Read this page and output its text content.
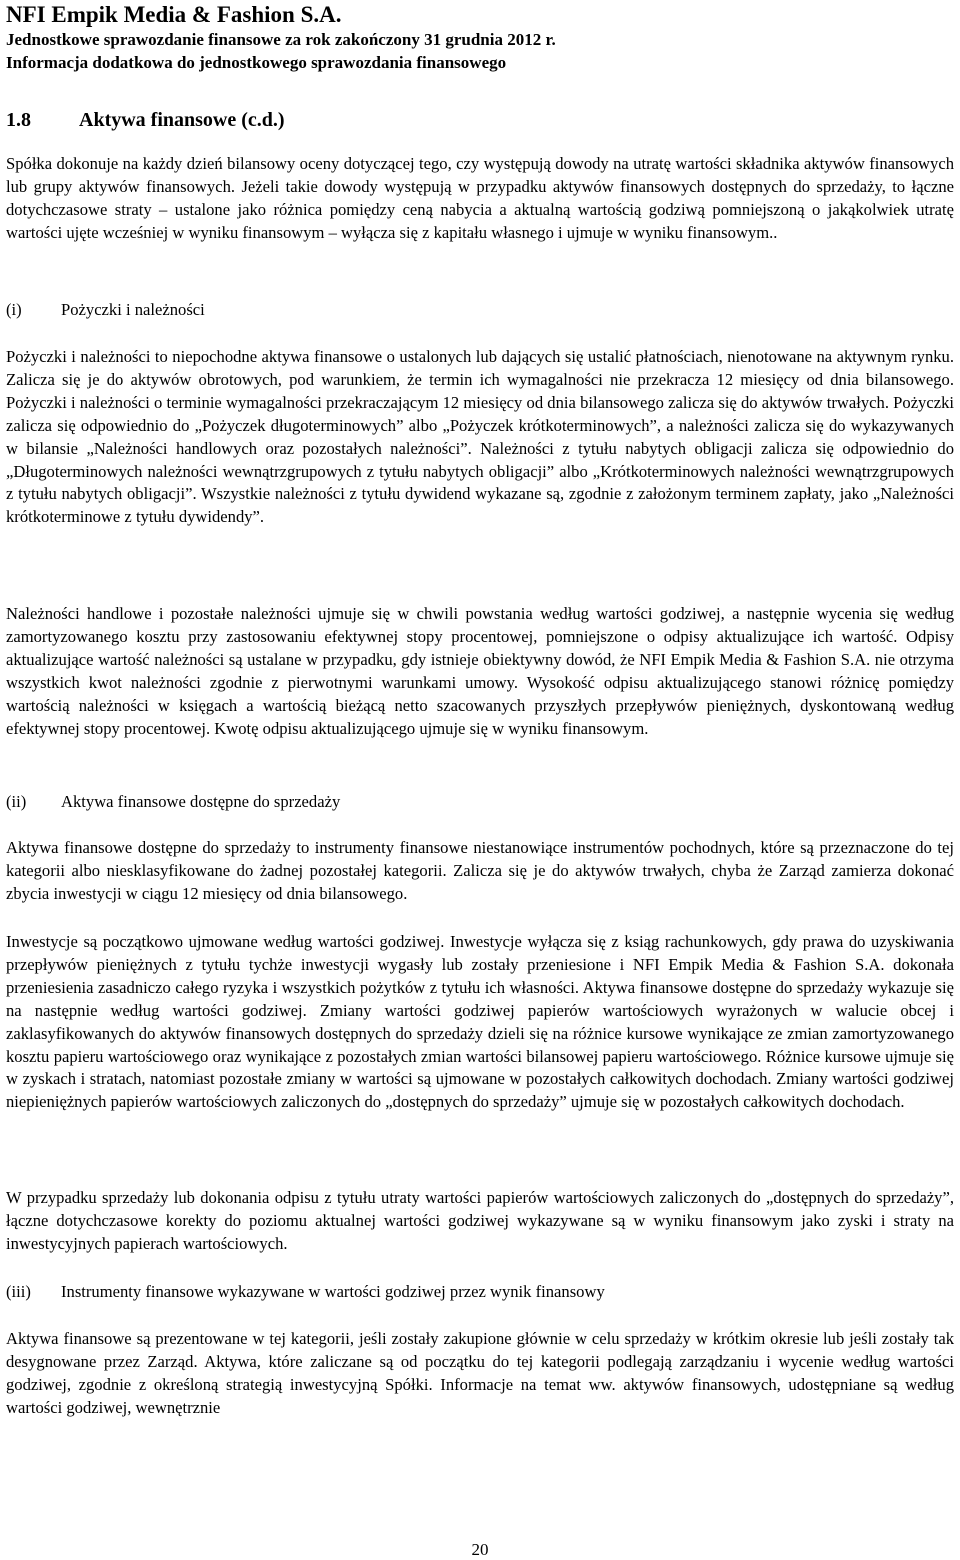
NFI Empik Media & Fashion S.A.

Jednostkowe sprawozdanie finansowe za rok zakończony 31 grudnia 2012 r.

Informacja dodatkowa do jednostkowego sprawozdania finansowego

1.8 Aktywa finansowe (c.d.)

Spółka dokonuje na każdy dzień bilansowy oceny dotyczącej tego, czy występują dowody na utratę wartości składnika aktywów finansowych lub grupy aktywów finansowych. Jeżeli takie dowody występują w przypadku aktywów finansowych dostępnych do sprzedaży, to łączne dotychczasowe straty – ustalone jako różnica pomiędzy ceną nabycia a aktualną wartością godziwą pomniejszoną o jakąkolwiek utratę wartości ujęte wcześniej w wyniku finansowym – wyłącza się z kapitału własnego i ujmuje w wyniku finansowym..

(i) Pożyczki i należności

Pożyczki i należności to niepochodne aktywa finansowe o ustalonych lub dających się ustalić płatnościach, nienotowane na aktywnym rynku. Zalicza się je do aktywów obrotowych, pod warunkiem, że termin ich wymagalności nie przekracza 12 miesięcy od dnia bilansowego. Pożyczki i należności o terminie wymagalności przekraczającym 12 miesięcy od dnia bilansowego zalicza się do aktywów trwałych. Pożyczki zalicza się odpowiednio do „Pożyczek długoterminowych” albo „Pożyczek krótkoterminowych”, a należności zalicza się do wykazywanych w bilansie „Należności handlowych oraz pozostałych należności”. Należności z tytułu nabytych obligacji zalicza się odpowiednio do „Długoterminowych należności wewnątrzgrupowych z tytułu nabytych obligacji” albo „Krótkoterminowych należności wewnątrzgrupowych z tytułu nabytych obligacji”. Wszystkie należności z tytułu dywidend wykazane są, zgodnie z założonym terminem zapłaty, jako „Należności krótkoterminowe z tytułu dywidendy”.

Należności handlowe i pozostałe należności ujmuje się w chwili powstania według wartości godziwej, a następnie wycenia się według zamortyzowanego kosztu przy zastosowaniu efektywnej stopy procentowej, pomniejszone o odpisy aktualizujące ich wartość. Odpisy aktualizujące wartość należności są ustalane w przypadku, gdy istnieje obiektywny dowód, że NFI Empik Media & Fashion S.A. nie otrzyma wszystkich kwot należności zgodnie z pierwotnymi warunkami umowy. Wysokość odpisu aktualizującego stanowi różnicę pomiędzy wartością należności w księgach a wartością bieżącą netto szacowanych przyszłych przepływów pieniężnych, dyskontowaną według efektywnej stopy procentowej. Kwotę odpisu aktualizującego ujmuje się w wyniku finansowym.

(ii) Aktywa finansowe dostępne do sprzedaży

Aktywa finansowe dostępne do sprzedaży to instrumenty finansowe niestanowiące instrumentów pochodnych, które są przeznaczone do tej kategorii albo niesklasyfikowane do żadnej pozostałej kategorii. Zalicza się je do aktywów trwałych, chyba że Zarząd zamierza dokonać zbycia inwestycji w ciągu 12 miesięcy od dnia bilansowego.

Inwestycje są początkowo ujmowane według wartości godziwej. Inwestycje wyłącza się z ksiąg rachunkowych, gdy prawa do uzyskiwania przepływów pieniężnych z tytułu tychże inwestycji wygasły lub zostały przeniesione i NFI Empik Media & Fashion S.A. dokonała przeniesienia zasadniczo całego ryzyka i wszystkich pożytków z tytułu ich własności. Aktywa finansowe dostępne do sprzedaży wykazuje się na następnie według wartości godziwej. Zmiany wartości godziwej papierów wartościowych wyrażonych w walucie obcej i zaklasyfikowanych do aktywów finansowych dostępnych do sprzedaży dzieli się na różnice kursowe wynikające ze zmian zamortyzowanego kosztu papieru wartościowego oraz wynikające z pozostałych zmian wartości bilansowej papieru wartościowego. Różnice kursowe ujmuje się w zyskach i stratach, natomiast pozostałe zmiany w wartości są ujmowane w pozostałych całkowitych dochodach. Zmiany wartości godziwej niepieniężnych papierów wartościowych zaliczonych do „dostępnych do sprzedaży” ujmuje się w pozostałych całkowitych dochodach.

W przypadku sprzedaży lub dokonania odpisu z tytułu utraty wartości papierów wartościowych zaliczonych do „dostępnych do sprzedaży”, łączne dotychczasowe korekty do poziomu aktualnej wartości godziwej wykazywane są w wyniku finansowym jako zyski i straty na inwestycyjnych papierach wartościowych.

(iii) Instrumenty finansowe wykazywane w wartości godziwej przez wynik finansowy

Aktywa finansowe są prezentowane w tej kategorii, jeśli zostały zakupione głównie w celu sprzedaży w krótkim okresie lub jeśli zostały tak desygnowane przez Zarząd. Aktywa, które zaliczane są od początku do tej kategorii podlegają zarządzaniu i wycenie według wartości godziwej, zgodnie z określoną strategią inwestycyjną Spółki. Informacje na temat ww. aktywów finansowych, udostępniane są według wartości godziwej, wewnętrznie

20
